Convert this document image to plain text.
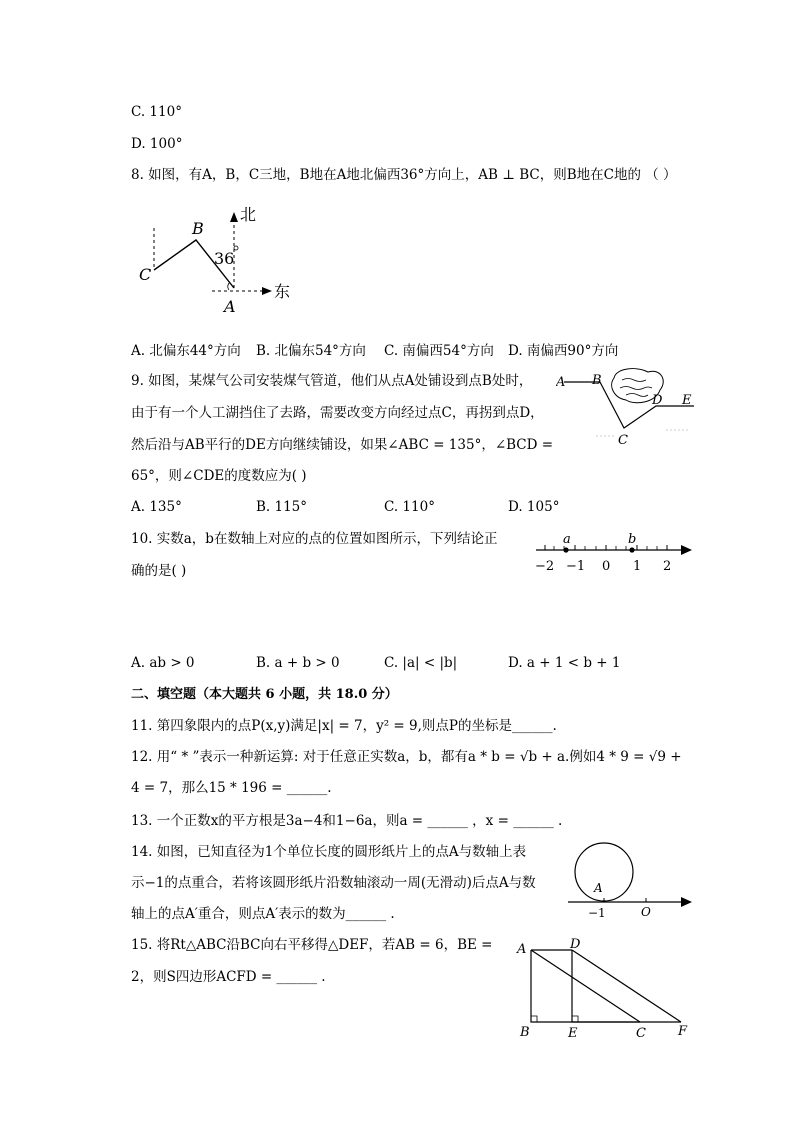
C. 110°
D. 100°
8. 如图，有A，B，C三地，B地在A地北偏西36°方向上，AB ⊥ BC，则B地在C地的 （ ）
北
东
36
B
C
A
A. 北偏东44°方向 B. 北偏东54°方向 C. 南偏西54°方向 D. 南偏西90°方向
9. 如图，某煤气公司安装煤气管道，他们从点A处铺设到点B处时，
由于有一个人工湖挡住了去路，需要改变方向经过点C，再拐到点D，
然后沿与AB平行的DE方向继续铺设，如果∠ABC = 135°，∠BCD =
65°，则∠CDE的度数应为( )
A B
C
D E
A. 135°	B. 115°	C. 110°	D. 105°
10. 实数a，b在数轴上对应的点的位置如图所示，下列结论正
确的是( )
a	b
−2 −1 0 1 2
A. ab > 0	B. a + b > 0	C. |a| < |b|	D. a + 1 < b + 1
二、填空题（本大题共 6 小题，共 18.0 分）
11. 第四象限内的点P(x,y)满足|x| = 7，y² = 9,则点P的坐标是______.
12. 用“ * ”表示一种新运算: 对于任意正实数a，b，都有a * b = √b + a.例如4 * 9 = √9 +
4 = 7，那么15 * 196 = ______.
13. 一个正数x的平方根是3a−4和1−6a，则a = ______ ，x = ______ .
14. 如图，已知直径为1个单位长度的圆形纸片上的点A与数轴上表
示−1的点重合，若将该圆形纸片沿数轴滚动一周(无滑动)后点A与数
轴上的点A′重合，则点A′表示的数为______ .
A
−1	O
15. 将Rt△ABC沿BC向右平移得△DEF，若AB = 6，BE =
2，则S四边形ACFD = ______ .
A	D
B	E	C F
